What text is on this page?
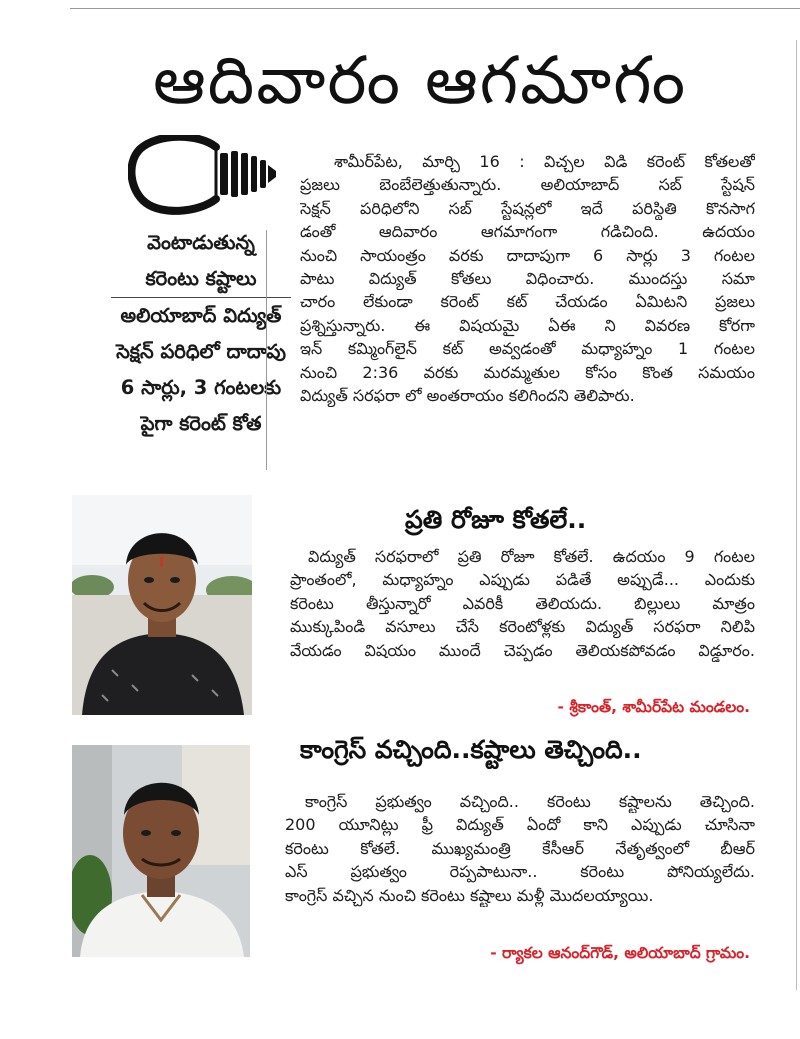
ఆదివారం ఆగమాగం
వెంటాడుతున్న
కరెంటు కష్టాలు
అలియాబాద్ విద్యుత్
సెక్షన్ పరిధిలో దాదాపు
6 సార్లు, 3 గంటలకు
పైగా కరెంట్ కోత
శామీర్‌పేట, మార్చి 16 : విచ్చల విడి కరెంట్ కోతలతో
ప్రజలు బెంబేలెత్తుతున్నారు. అలియాబాద్ సబ్ స్టేషన్
సెక్షన్ పరిధిలోని సబ్ స్టేషన్లలో ఇదే పరిస్థితి కొనసాగ
డంతో ఆదివారం ఆగమాగంగా గడిచింది. ఉదయం
నుంచి సాయంత్రం వరకు దాదాపుగా 6 సార్లు 3 గంటల
పాటు విద్యుత్ కోతలు విధించారు. ముందస్తు సమా
చారం లేకుండా కరెంట్ కట్ చేయడం ఏమిటని ప్రజలు
ప్రశ్నిస్తున్నారు. ఈ విషయమై ఏఈ ని వివరణ కోరగా
ఇన్ కమ్మింగ్‌లైన్ కట్ అవ్వడంతో మధ్యాహ్నం 1 గంటల
నుంచి 2:36 వరకు మరమ్మతుల కోసం కొంత సమయం
విద్యుత్ సరఫరా లో అంతరాయం కలిగిందని తెలిపారు.
ప్రతి రోజూ కోతలే..
విద్యుత్ సరఫరాలో ప్రతి రోజూ కోతలే. ఉదయం 9 గంటల
ప్రాంతంలో, మధ్యాహ్నం ఎప్పుడు పడితే అప్పుడే... ఎందుకు
కరెంటు తీస్తున్నారో ఎవరికీ తెలియదు. బిల్లులు మాత్రం
ముక్కుపిండి వసూలు చేసే కరెంటోళ్లకు విద్యుత్ సరఫరా నిలిపి
వేయడం విషయం ముందే చెప్పడం తెలియకపోవడం విడ్డూరం.
- శ్రీకాంత్, శామీర్‌పేట మండలం.
కాంగ్రెస్ వచ్చింది..కష్టాలు తెచ్చింది..
కాంగ్రెస్ ప్రభుత్వం వచ్చింది.. కరెంటు కష్టాలను తెచ్చింది.
200 యూనిట్లు ఫ్రీ విద్యుత్ ఏందో కాని ఎప్పుడు చూసినా
కరెంటు కోతలే. ముఖ్యమంత్రి కేసీఆర్ నేతృత్వంలో బీఆర్
ఎస్ ప్రభుత్వం రెప్పపాటునా.. కరెంటు పోనియ్యలేదు.
కాంగ్రెస్ వచ్చిన నుంచి కరెంటు కష్టాలు మళ్లీ మొదలయ్యాయి.
- ర్యాకల ఆనంద్‌గౌడ్, అలియాబాద్ గ్రామం.
